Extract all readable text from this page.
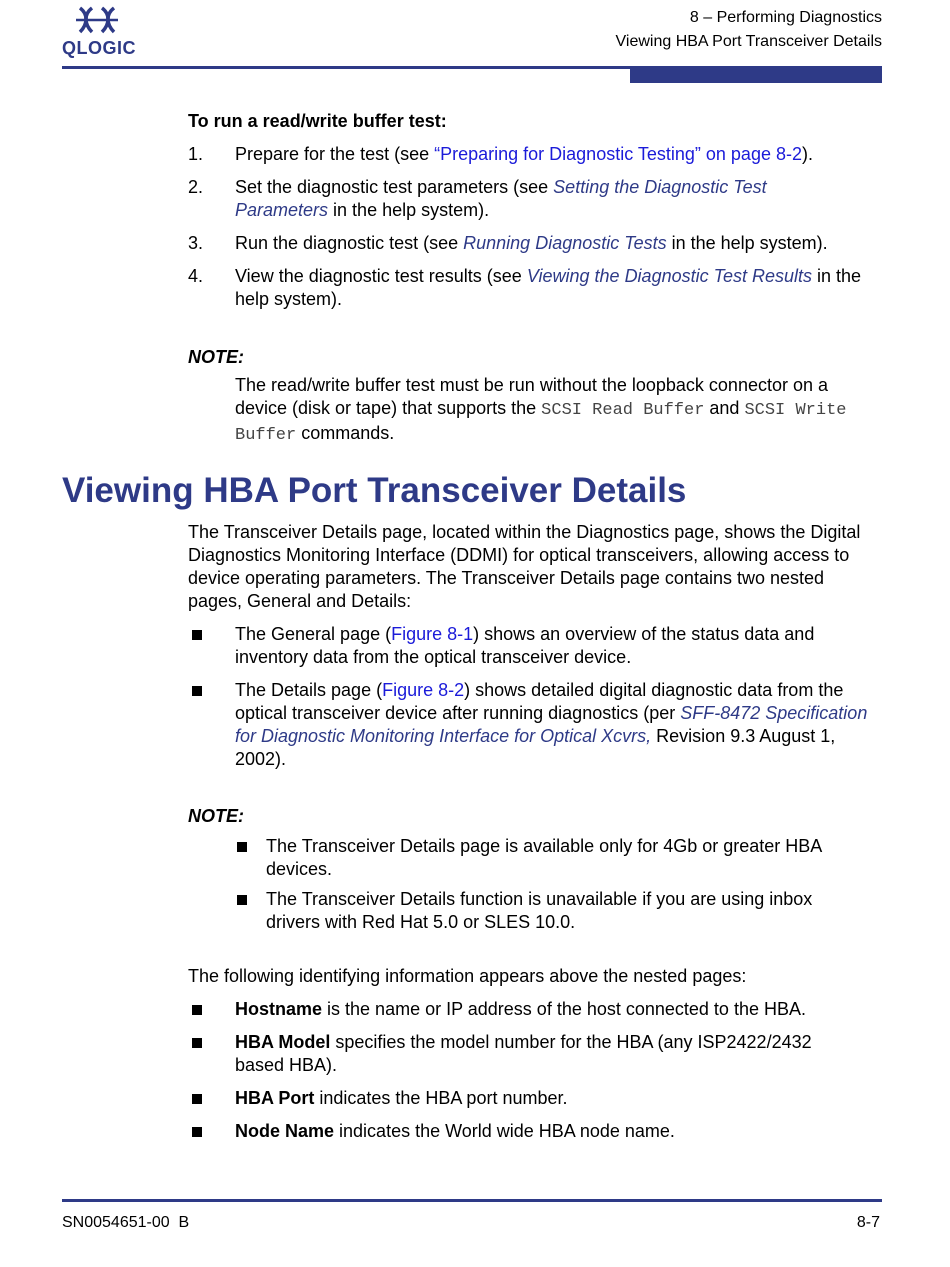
QLOGIC
8 – Performing Diagnostics
Viewing HBA Port Transceiver Details
To run a read/write buffer test:
1. Prepare for the test (see “Preparing for Diagnostic Testing” on page 8-2).
2. Set the diagnostic test parameters (see Setting the Diagnostic Test Parameters in the help system).
3. Run the diagnostic test (see Running Diagnostic Tests in the help system).
4. View the diagnostic test results (see Viewing the Diagnostic Test Results in the help system).
NOTE:
The read/write buffer test must be run without the loopback connector on a device (disk or tape) that supports the SCSI Read Buffer and SCSI Write Buffer commands.
Viewing HBA Port Transceiver Details
The Transceiver Details page, located within the Diagnostics page, shows the Digital Diagnostics Monitoring Interface (DDMI) for optical transceivers, allowing access to device operating parameters. The Transceiver Details page contains two nested pages, General and Details:
The General page (Figure 8-1) shows an overview of the status data and inventory data from the optical transceiver device.
The Details page (Figure 8-2) shows detailed digital diagnostic data from the optical transceiver device after running diagnostics (per SFF-8472 Specification for Diagnostic Monitoring Interface for Optical Xcvrs, Revision 9.3 August 1, 2002).
NOTE:
The Transceiver Details page is available only for 4Gb or greater HBA devices.
The Transceiver Details function is unavailable if you are using inbox drivers with Red Hat 5.0 or SLES 10.0.
The following identifying information appears above the nested pages:
Hostname is the name or IP address of the host connected to the HBA.
HBA Model specifies the model number for the HBA (any ISP2422/2432 based HBA).
HBA Port indicates the HBA port number.
Node Name indicates the World wide HBA node name.
SN0054651-00  B	8-7
